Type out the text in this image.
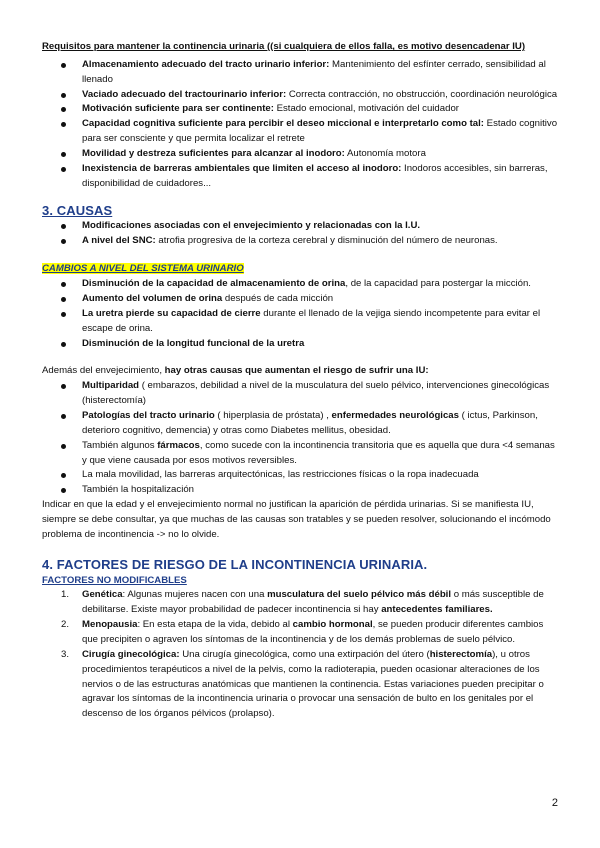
Requisitos para mantener la continencia urinaria ((si cualquiera de ellos falla, es motivo desencadenar IU)

Almacenamiento adecuado del tracto urinario inferior: Mantenimiento del esfínter cerrado, sensibilidad al llenado
Vaciado adecuado del tractourinario inferior: Correcta contracción, no obstrucción, coordinación neurológica
Motivación suficiente para ser continente: Estado emocional, motivación del cuidador
Capacidad cognitiva suficiente para percibir el deseo miccional e interpretarlo como tal: Estado cognitivo para ser consciente y que permita localizar el retrete
Movilidad y destreza suficientes para alcanzar al inodoro: Autonomía motora
Inexistencia de barreras ambientales que limiten el acceso al inodoro: Inodoros accesibles, sin barreras, disponibilidad de cuidadores...
3. CAUSAS
Modificaciones asociadas con el envejecimiento y relacionadas con la I.U.
A nivel del SNC: atrofia progresiva de la corteza cerebral y disminución del número de neuronas.

CAMBIOS A NIVEL DEL SISTEMA URINARIO

Disminución de la capacidad de almacenamiento de orina, de la capacidad para postergar la micción.
Aumento del volumen de orina después de cada micción
La uretra pierde su capacidad de cierre durante el llenado de la vejiga siendo incompetente para evitar el escape de orina.
Disminución de la longitud funcional de la uretra

Además del envejecimiento, hay otras causas que aumentan el riesgo de sufrir una IU:

Multiparidad ( embarazos, debilidad a nivel de la musculatura del suelo pélvico, intervenciones ginecológicas (histerectomía)
Patologías del tracto urinario ( hiperplasia de próstata) , enfermedades neurológicas ( ictus, Parkinson, deterioro cognitivo, demencia) y otras como Diabetes mellitus, obesidad.
También algunos fármacos, como sucede con la incontinencia transitoria que es aquella que dura <4 semanas y que viene causada por esos motivos reversibles.
La mala movilidad, las barreras arquitectónicas, las restricciones físicas o la ropa inadecuada
También la hospitalización

Indicar en que la edad y el envejecimiento normal no justifican la aparición de pérdida urinarias. Si se manifiesta IU, siempre se debe consultar, ya que muchas de las causas son tratables y se pueden resolver, solucionando el incómodo problema de incontinencia -> no lo olvide.

4. FACTORES DE RIESGO DE LA INCONTINENCIA URINARIA.

FACTORES NO MODIFICABLES

1. Genética: Algunas mujeres nacen con una musculatura del suelo pélvico más débil o más susceptible de debilitarse. Existe mayor probabilidad de padecer incontinencia si hay antecedentes familiares.
2. Menopausia: En esta etapa de la vida, debido al cambio hormonal, se pueden producir diferentes cambios que precipiten o agraven los síntomas de la incontinencia y de los demás problemas de suelo pélvico.
3. Cirugía ginecológica: Una cirugía ginecológica, como una extirpación del útero (histerectomía), u otros procedimientos terapéuticos a nivel de la pelvis, como la radioterapia, pueden ocasionar alteraciones de los nervios o de las estructuras anatómicas que mantienen la continencia. Estas variaciones pueden precipitar o agravar los síntomas de la incontinencia urinaria o provocar una sensación de bulto en los genitales por el descenso de los órganos pélvicos (prolapso).
2
